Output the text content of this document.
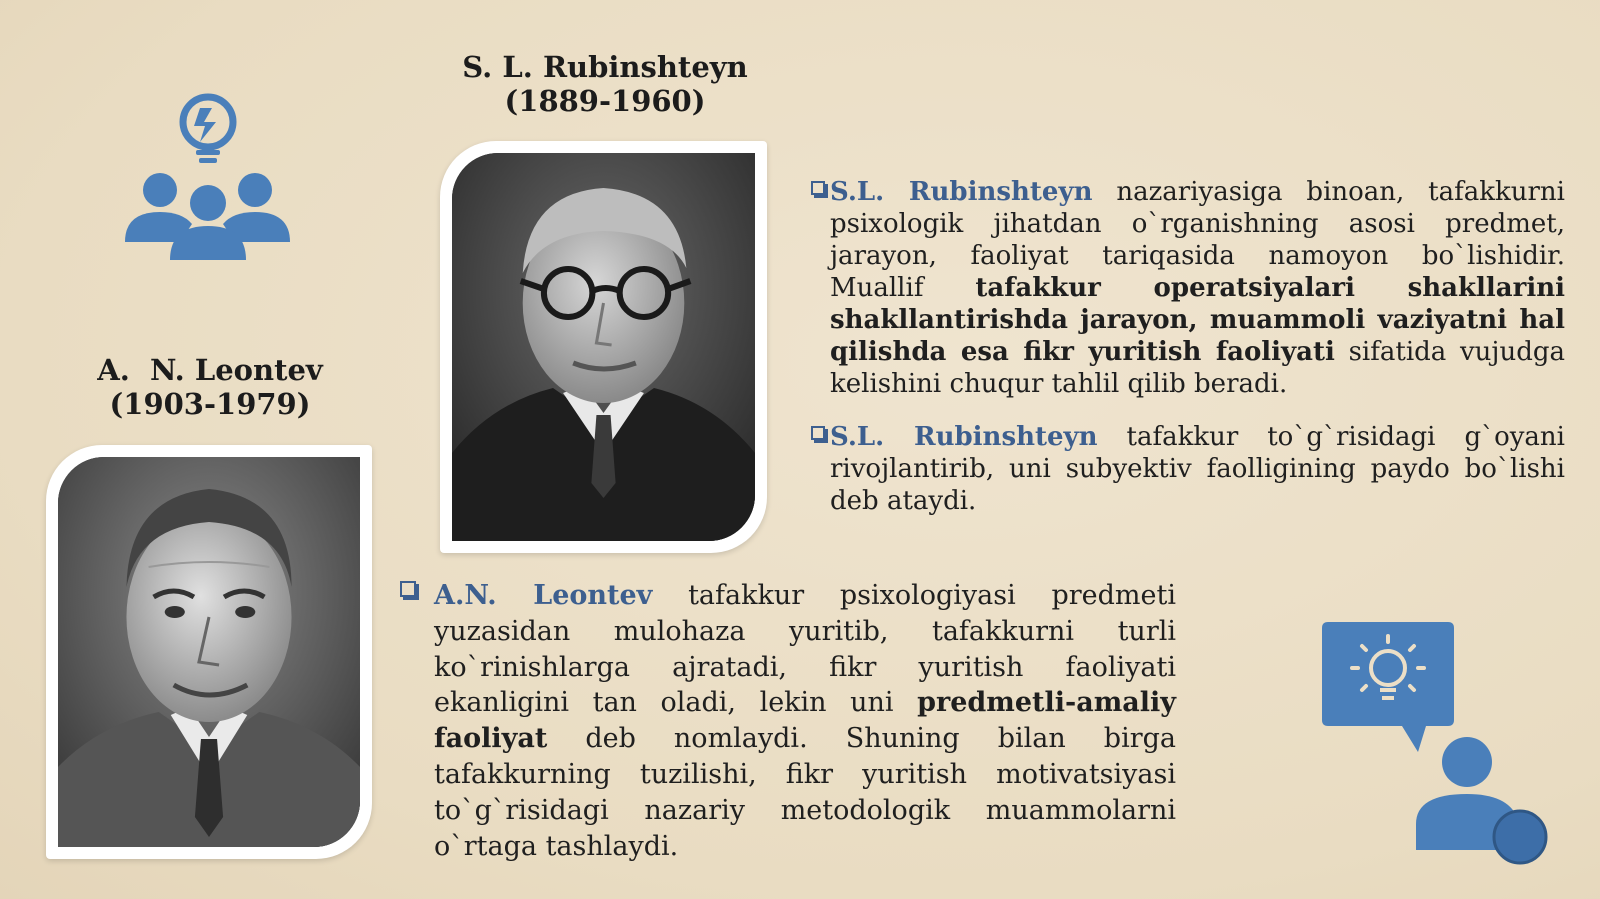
S. L. Rubinshteyn
(1889-1960)
A.  N. Leontev
(1903-1979)
S.L. Rubinshteyn nazariyasiga binoan, tafakkurni psixologik jihatdan o`rganishning asosi predmet, jarayon, faoliyat tariqasida namoyon bo`lishidir. Muallif tafakkur operatsiyalari shakllarini shakllantirishda jarayon, muammoli vaziyatni hal qilishda esa fikr yuritish faoliyati sifatida vujudga kelishini chuqur tahlil qilib beradi.
S.L. Rubinshteyn tafakkur to`g`risidagi g`oyani rivojlantirib, uni subyektiv faolligining paydo bo`lishi deb ataydi.
A.N. Leontev tafakkur psixologiyasi predmeti yuzasidan mulohaza yuritib, tafakkurni turli ko`rinishlarga ajratadi, fikr yuritish faoliyati ekanligini tan oladi, lekin uni predmetli-amaliy faoliyat deb nomlaydi. Shuning bilan birga tafakkurning tuzilishi, fikr yuritish motivatsiyasi to`g`risidagi nazariy metodologik muammolarni o`rtaga tashlaydi.
